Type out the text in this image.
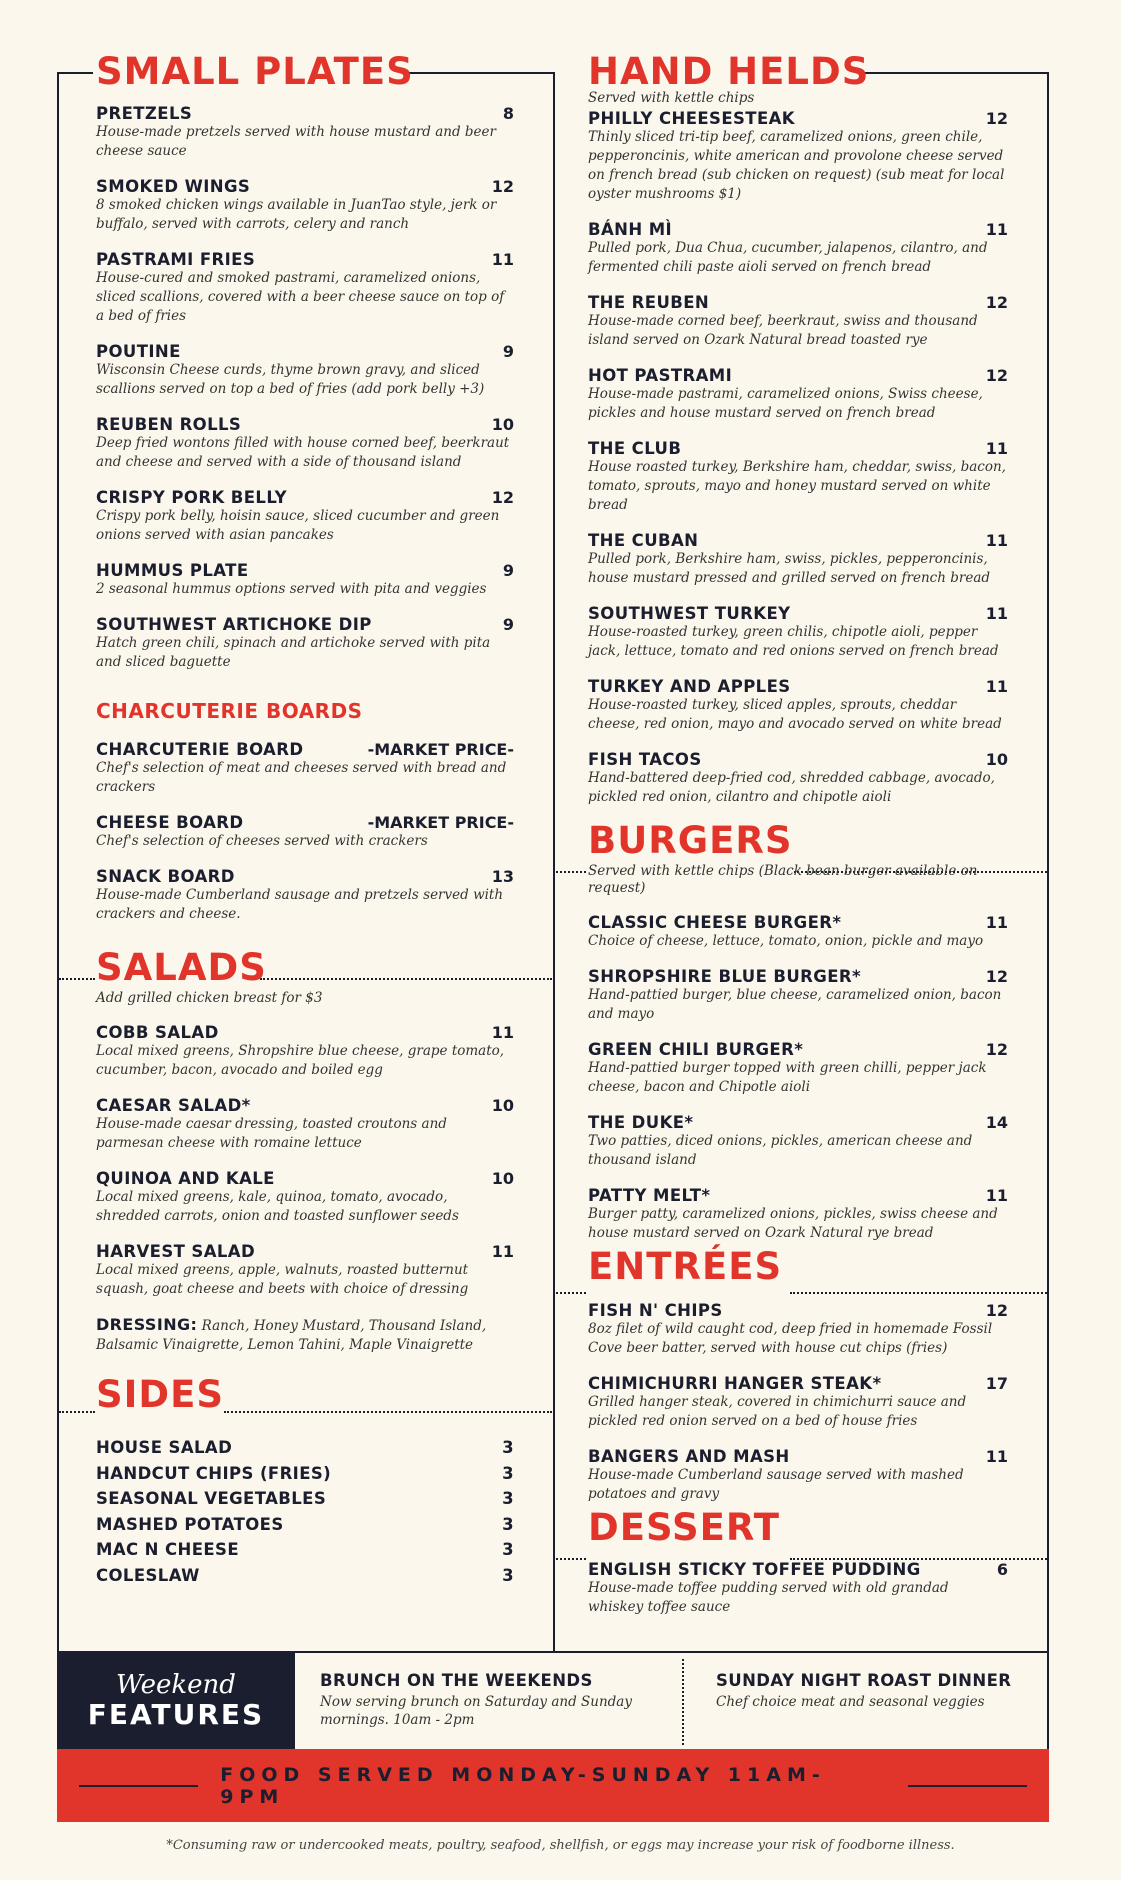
SMALL PLATES
PRETZELS	8
House-made pretzels served with house mustard and beer cheese sauce
SMOKED WINGS	12
8 smoked chicken wings available in JuanTao style, jerk or buffalo, served with carrots, celery and ranch
PASTRAMI FRIES	11
House-cured and smoked pastrami, caramelized onions, sliced scallions, covered with a beer cheese sauce on top of a bed of fries
POUTINE	9
Wisconsin Cheese curds, thyme brown gravy, and sliced scallions served on top a bed of fries (add pork belly +3)
REUBEN ROLLS	10
Deep fried wontons filled with house corned beef, beerkraut and cheese and served with a side of thousand island
CRISPY PORK BELLY	12
Crispy pork belly, hoisin sauce, sliced cucumber and green onions served with asian pancakes
HUMMUS PLATE	9
2 seasonal hummus options served with pita and veggies
SOUTHWEST ARTICHOKE DIP	9
Hatch green chili, spinach and artichoke served with pita and sliced baguette
CHARCUTERIE BOARDS
CHARCUTERIE BOARD	-MARKET PRICE-
Chef's selection of meat and cheeses served with bread and crackers
CHEESE BOARD	-MARKET PRICE-
Chef's selection of cheeses served with crackers
SNACK BOARD	13
House-made Cumberland sausage and pretzels served with crackers and cheese.
SALADS
Add grilled chicken breast for $3
COBB SALAD	11
Local mixed greens, Shropshire blue cheese, grape tomato, cucumber, bacon, avocado and boiled egg
CAESAR SALAD*	10
House-made caesar dressing, toasted croutons and parmesan cheese with romaine lettuce
QUINOA AND KALE	10
Local mixed greens, kale, quinoa, tomato, avocado, shredded carrots, onion and toasted sunflower seeds
HARVEST SALAD	11
Local mixed greens, apple, walnuts, roasted butternut squash, goat cheese and beets with choice of dressing
DRESSING: Ranch, Honey Mustard, Thousand Island, Balsamic Vinaigrette, Lemon Tahini, Maple Vinaigrette
SIDES
HOUSE SALAD	3
HANDCUT CHIPS (FRIES)	3
SEASONAL VEGETABLES	3
MASHED POTATOES	3
MAC N CHEESE	3
COLESLAW	3
HAND HELDS
Served with kettle chips
PHILLY CHEESESTEAK	12
Thinly sliced tri-tip beef, caramelized onions, green chile, pepperoncinis, white american and provolone cheese served on french bread (sub chicken on request) (sub meat for local oyster mushrooms $1)
BÁNH MÌ	11
Pulled pork, Dua Chua, cucumber, jalapenos, cilantro, and fermented chili paste aioli served on french bread
THE REUBEN	12
House-made corned beef, beerkraut, swiss and thousand island served on Ozark Natural bread toasted rye
HOT PASTRAMI	12
House-made pastrami, caramelized onions, Swiss cheese, pickles and house mustard served on french bread
THE CLUB	11
House roasted turkey, Berkshire ham, cheddar, swiss, bacon, tomato, sprouts, mayo and honey mustard served on white bread
THE CUBAN	11
Pulled pork, Berkshire ham, swiss, pickles, pepperoncinis, house mustard pressed and grilled served on french bread
SOUTHWEST TURKEY	11
House-roasted turkey, green chilis, chipotle aioli, pepper jack, lettuce, tomato and red onions served on french bread
TURKEY AND APPLES	11
House-roasted turkey, sliced apples, sprouts, cheddar cheese, red onion, mayo and avocado served on white bread
FISH TACOS	10
Hand-battered deep-fried cod, shredded cabbage, avocado, pickled red onion, cilantro and chipotle aioli
BURGERS
Served with kettle chips (Black bean burger available on request)
CLASSIC CHEESE BURGER*	11
Choice of cheese, lettuce, tomato, onion, pickle and mayo
SHROPSHIRE BLUE BURGER*	12
Hand-pattied burger, blue cheese, caramelized onion, bacon and mayo
GREEN CHILI BURGER*	12
Hand-pattied burger topped with green chilli, pepper jack cheese, bacon and Chipotle aioli
THE DUKE*	14
Two patties, diced onions, pickles, american cheese and thousand island
PATTY MELT*	11
Burger patty, caramelized onions, pickles, swiss cheese and house mustard served on Ozark Natural rye bread
ENTRÉES
FISH N' CHIPS	12
8oz filet of wild caught cod, deep fried in homemade Fossil Cove beer batter, served with house cut chips (fries)
CHIMICHURRI HANGER STEAK*	17
Grilled hanger steak, covered in chimichurri sauce and pickled red onion served on a bed of house fries
BANGERS AND MASH	11
House-made Cumberland sausage served with mashed potatoes and gravy
DESSERT
ENGLISH STICKY TOFFEE PUDDING	6
House-made toffee pudding served with old grandad whiskey toffee sauce
Weekend
FEATURES
BRUNCH ON THE WEEKENDS
Now serving brunch on Saturday and Sunday mornings. 10am - 2pm
SUNDAY NIGHT ROAST DINNER
Chef choice meat and seasonal veggies
FOOD SERVED MONDAY-SUNDAY 11AM-9PM
*Consuming raw or undercooked meats, poultry, seafood, shellfish, or eggs may increase your risk of foodborne illness.
